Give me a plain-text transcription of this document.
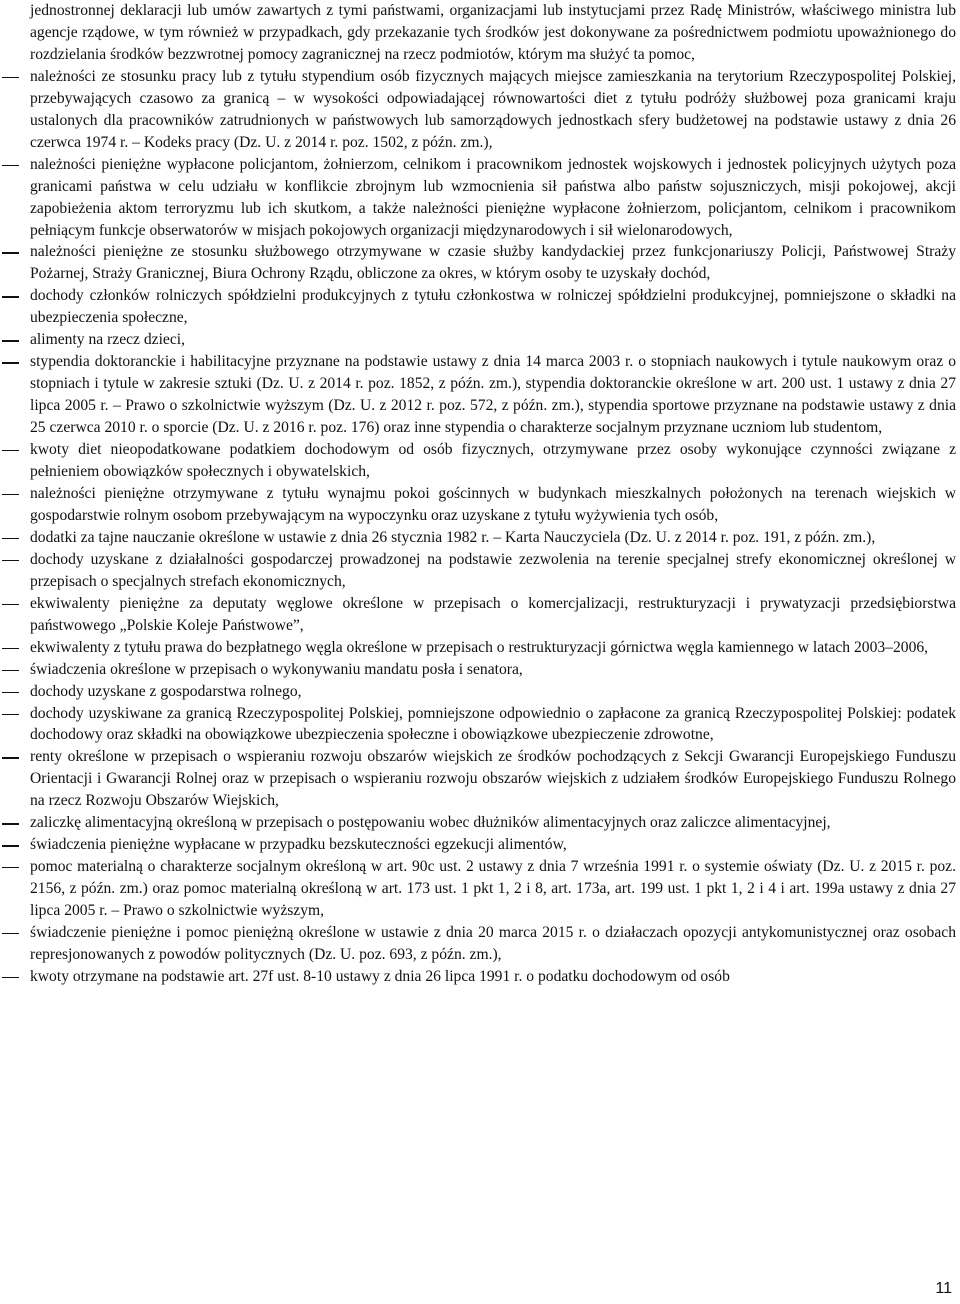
jednostronnej deklaracji lub umów zawartych z tymi państwami, organizacjami lub instytucjami przez Radę Ministrów, właściwego ministra lub agencje rządowe, w tym również w przypadkach, gdy przekazanie tych środków jest dokonywane za pośrednictwem podmiotu upoważnionego do rozdzielania środków bezzwrotnej pomocy zagranicznej na rzecz podmiotów, którym ma służyć ta pomoc,

należności ze stosunku pracy lub z tytułu stypendium osób fizycznych mających miejsce zamieszkania na terytorium Rzeczypospolitej Polskiej, przebywających czasowo za granicą – w wysokości odpowiadającej równowartości diet z tytułu podróży służbowej poza granicami kraju ustalonych dla pracowników zatrudnionych w państwowych lub samorządowych jednostkach sfery budżetowej na podstawie ustawy z dnia 26 czerwca 1974 r. – Kodeks pracy (Dz. U. z 2014 r. poz. 1502, z późn. zm.),
należności pieniężne wypłacone policjantom, żołnierzom, celnikom i pracownikom jednostek wojskowych i jednostek policyjnych użytych poza granicami państwa w celu udziału w konflikcie zbrojnym lub wzmocnienia sił państwa albo państw sojuszniczych, misji pokojowej, akcji zapobieżenia aktom terroryzmu lub ich skutkom, a także należności pieniężne wypłacone żołnierzom, policjantom, celnikom i pracownikom pełniącym funkcje obserwatorów w misjach pokojowych organizacji międzynarodowych i sił wielonarodowych,
należności pieniężne ze stosunku służbowego otrzymywane w czasie służby kandydackiej przez funkcjonariuszy Policji, Państwowej Straży Pożarnej, Straży Granicznej, Biura Ochrony Rządu, obliczone za okres, w którym osoby te uzyskały dochód,
dochody członków rolniczych spółdzielni produkcyjnych z tytułu członkostwa w rolniczej spółdzielni produkcyjnej, pomniejszone o składki na ubezpieczenia społeczne,
alimenty na rzecz dzieci,
stypendia doktoranckie i habilitacyjne przyznane na podstawie ustawy z dnia 14 marca 2003 r. o stopniach naukowych i tytule naukowym oraz o stopniach i tytule w zakresie sztuki (Dz. U. z 2014 r. poz. 1852, z późn. zm.), stypendia doktoranckie określone w art. 200 ust. 1 ustawy z dnia 27 lipca 2005 r. – Prawo o szkolnictwie wyższym (Dz. U. z 2012 r. poz. 572, z późn. zm.), stypendia sportowe przyznane na podstawie ustawy z dnia 25 czerwca 2010 r. o sporcie (Dz. U. z 2016 r. poz. 176) oraz inne stypendia o charakterze socjalnym przyznane uczniom lub studentom,
kwoty diet nieopodatkowane podatkiem dochodowym od osób fizycznych, otrzymywane przez osoby wykonujące czynności związane z pełnieniem obowiązków społecznych i obywatelskich,
należności pieniężne otrzymywane z tytułu wynajmu pokoi gościnnych w budynkach mieszkalnych położonych na terenach wiejskich w gospodarstwie rolnym osobom przebywającym na wypoczynku oraz uzyskane z tytułu wyżywienia tych osób,
dodatki za tajne nauczanie określone w ustawie z dnia 26 stycznia 1982 r. – Karta Nauczyciela (Dz. U. z 2014 r. poz. 191, z późn. zm.),
dochody uzyskane z działalności gospodarczej prowadzonej na podstawie zezwolenia na terenie specjalnej strefy ekonomicznej określonej w przepisach o specjalnych strefach ekonomicznych,
ekwiwalenty pieniężne za deputaty węglowe określone w przepisach o komercjalizacji, restrukturyzacji i prywatyzacji przedsiębiorstwa państwowego „Polskie Koleje Państwowe”,
ekwiwalenty z tytułu prawa do bezpłatnego węgla określone w przepisach o restrukturyzacji górnictwa węgla kamiennego w latach 2003–2006,
świadczenia określone w przepisach o wykonywaniu mandatu posła i senatora,
dochody uzyskane z gospodarstwa rolnego,
dochody uzyskiwane za granicą Rzeczypospolitej Polskiej, pomniejszone odpowiednio o zapłacone za granicą Rzeczypospolitej Polskiej: podatek dochodowy oraz składki na obowiązkowe ubezpieczenia społeczne i obowiązkowe ubezpieczenie zdrowotne,
renty określone w przepisach o wspieraniu rozwoju obszarów wiejskich ze środków pochodzących z Sekcji Gwarancji Europejskiego Funduszu Orientacji i Gwarancji Rolnej oraz w przepisach o wspieraniu rozwoju obszarów wiejskich z udziałem środków Europejskiego Funduszu Rolnego na rzecz Rozwoju Obszarów Wiejskich,
zaliczkę alimentacyjną określoną w przepisach o postępowaniu wobec dłużników alimentacyjnych oraz zaliczce alimentacyjnej,
świadczenia pieniężne wypłacane w przypadku bezskuteczności egzekucji alimentów,
pomoc materialną o charakterze socjalnym określoną w art. 90c ust. 2 ustawy z dnia 7 września 1991 r. o systemie oświaty (Dz. U. z 2015 r. poz. 2156, z późn. zm.) oraz pomoc materialną określoną w art. 173 ust. 1 pkt 1, 2 i 8, art. 173a, art. 199 ust. 1 pkt 1, 2 i 4 i art. 199a ustawy z dnia 27 lipca 2005 r. – Prawo o szkolnictwie wyższym,
świadczenie pieniężne i pomoc pieniężną określone w ustawie z dnia 20 marca 2015 r. o działaczach opozycji antykomunistycznej oraz osobach represjonowanych z powodów politycznych (Dz. U. poz. 693, z późn. zm.),
kwoty otrzymane na podstawie art. 27f ust. 8-10 ustawy z dnia 26 lipca 1991 r. o podatku dochodowym od osób
11
